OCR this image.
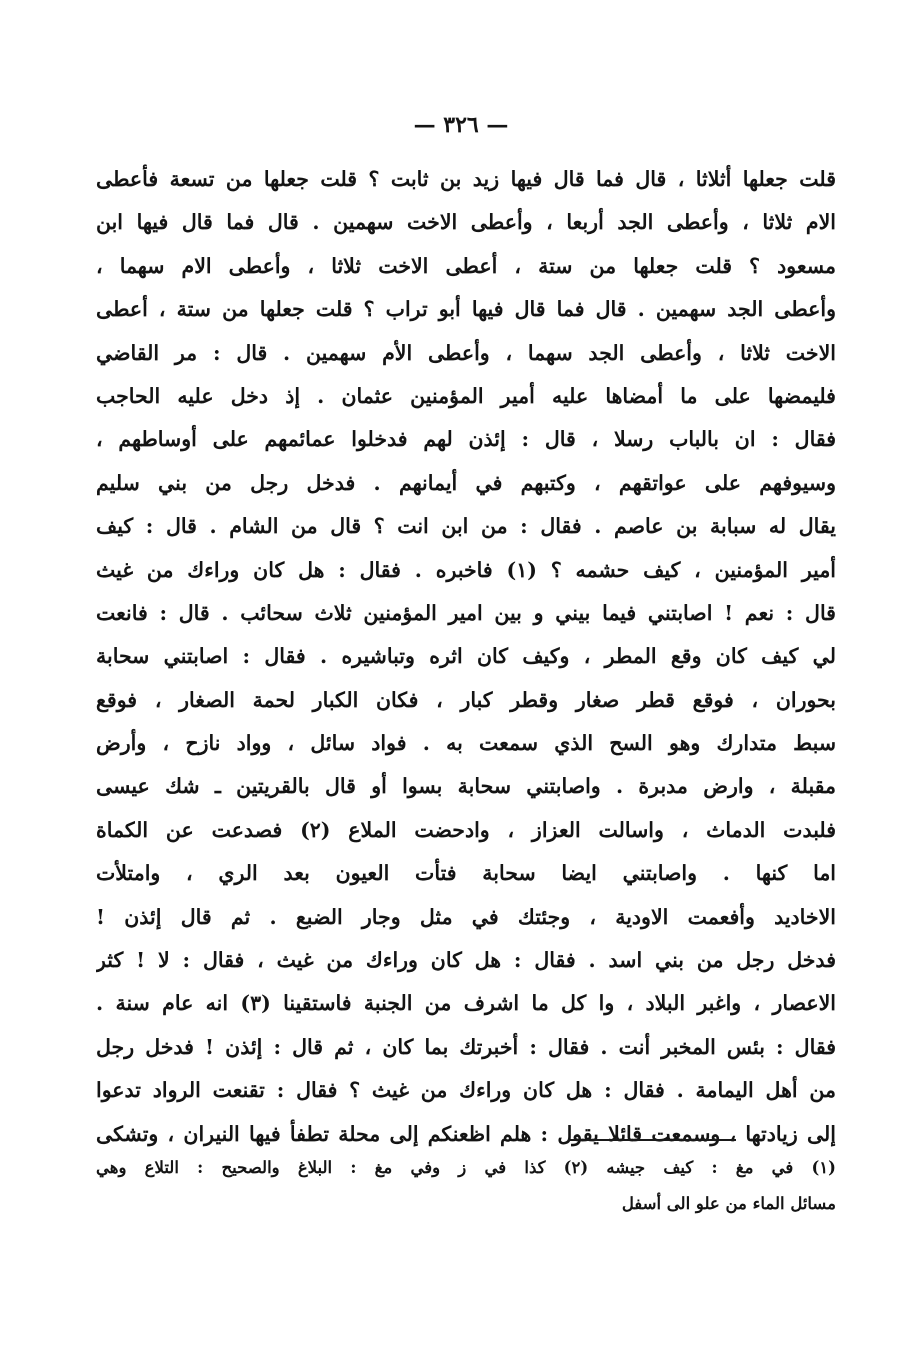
— ٣٢٦ —
قلت جعلها أثلاثا ، قال فما قال فيها زيد بن ثابت ؟ قلت جعلها من تسعة فأعطى
الام ثلاثا ، وأعطى الجد أربعا ، وأعطى الاخت سهمين . قال فما قال فيها ابن
مسعود ؟ قلت جعلها من ستة ، أعطى الاخت ثلاثا ، وأعطى الام سهما ،
وأعطى الجد سهمين . قال فما قال فيها أبو تراب ؟ قلت جعلها من ستة ، أعطى
الاخت ثلاثا ، وأعطى الجد سهما ، وأعطى الأم سهمين . قال : مر القاضي
فليمضها على ما أمضاها عليه أمير المؤمنين عثمان . إذ دخل عليه الحاجب
فقال : ان بالباب رسلا ، قال : إئذن لهم فدخلوا عمائمهم على أوساطهم ،
وسيوفهم على عواتقهم ، وكتبهم في أيمانهم . فدخل رجل من بني سليم
يقال له سبابة بن عاصم . فقال : من ابن انت ؟ قال من الشام . قال : كيف
أمير المؤمنين ، كيف حشمه ؟ (١) فاخبره . فقال : هل كان وراءك من غيث
قال : نعم ! اصابتني فيما بيني و بين امير المؤمنين ثلاث سحائب . قال : فانعت
لي كيف كان وقع المطر ، وكيف كان اثره وتباشيره . فقال : اصابتني سحابة
بحوران ، فوقع قطر صغار وقطر كبار ، فكان الكبار لحمة الصغار ، فوقع
سبط متدارك وهو السح الذي سمعت به . فواد سائل ، وواد نازح ، وأرض
مقبلة ، وارض مدبرة . واصابتني سحابة بسوا أو قال بالقريتين ـ شك عيسى
فلبدت الدماث ، واسالت العزاز ، وادحضت الملاع (٢) فصدعت عن الكماة
اما كنها . واصابتني ايضا سحابة فتأت العيون بعد الري ، وامتلأت
الاخاديد وأفعمت الاودية ، وجئتك في مثل وجار الضبع . ثم قال إئذن !
فدخل رجل من بني اسد . فقال : هل كان وراءك من غيث ، فقال : لا ! كثر
الاعصار ، واغبر البلاد ، وا كل ما اشرف من الجنبة فاستقينا (٣) انه عام سنة .
فقال : بئس المخبر أنت . فقال : أخبرتك بما كان ، ثم قال : إئذن ! فدخل رجل
من أهل اليمامة . فقال : هل كان وراءك من غيث ؟ فقال : تقنعت الرواد تدعوا
إلى زيادتها ، وسمعت قائلا يقول : هلم اظعنكم إلى محلة تطفأ فيها النيران ، وتشكى
(١) في مغ : كيف جيشه (٢) كذا في ز وفي مغ : البلاغ والصحيح : التلاع وهي
مسائل الماء من علو الى أسفل
